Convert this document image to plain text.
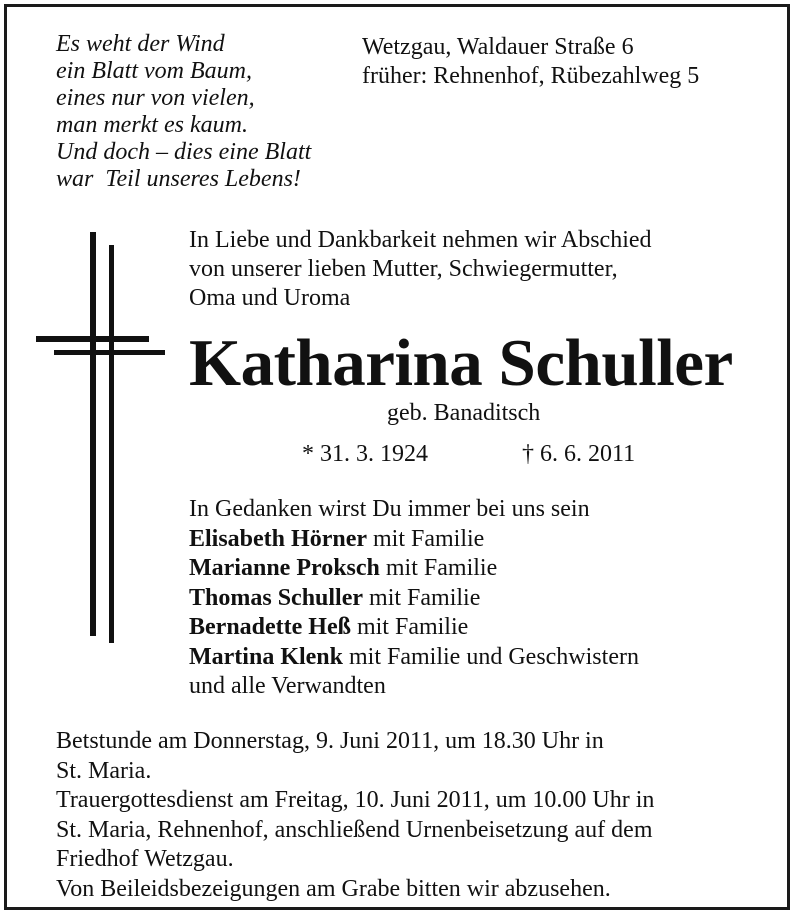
Es weht der Wind
ein Blatt vom Baum,
eines nur von vielen,
man merkt es kaum.
Und doch – dies eine Blatt
war  Teil unseres Lebens!
Wetzgau, Waldauer Straße 6
früher: Rehnenhof, Rübezahlweg 5
In Liebe und Dankbarkeit nehmen wir Abschied
von unserer lieben Mutter, Schwiegermutter,
Oma und Uroma
Katharina Schuller
geb. Banaditsch
* 31. 3. 1924	† 6. 6. 2011
In Gedanken wirst Du immer bei uns sein
Elisabeth Hörner mit Familie
Marianne Proksch mit Familie
Thomas Schuller mit Familie
Bernadette Heß mit Familie
Martina Klenk mit Familie und Geschwistern
und alle Verwandten
Betstunde am Donnerstag, 9. Juni 2011, um 18.30 Uhr in
St. Maria.
Trauergottesdienst am Freitag, 10. Juni 2011, um 10.00 Uhr in
St. Maria, Rehnenhof, anschließend Urnenbeisetzung auf dem
Friedhof Wetzgau.
Von Beileidsbezeigungen am Grabe bitten wir abzusehen.
